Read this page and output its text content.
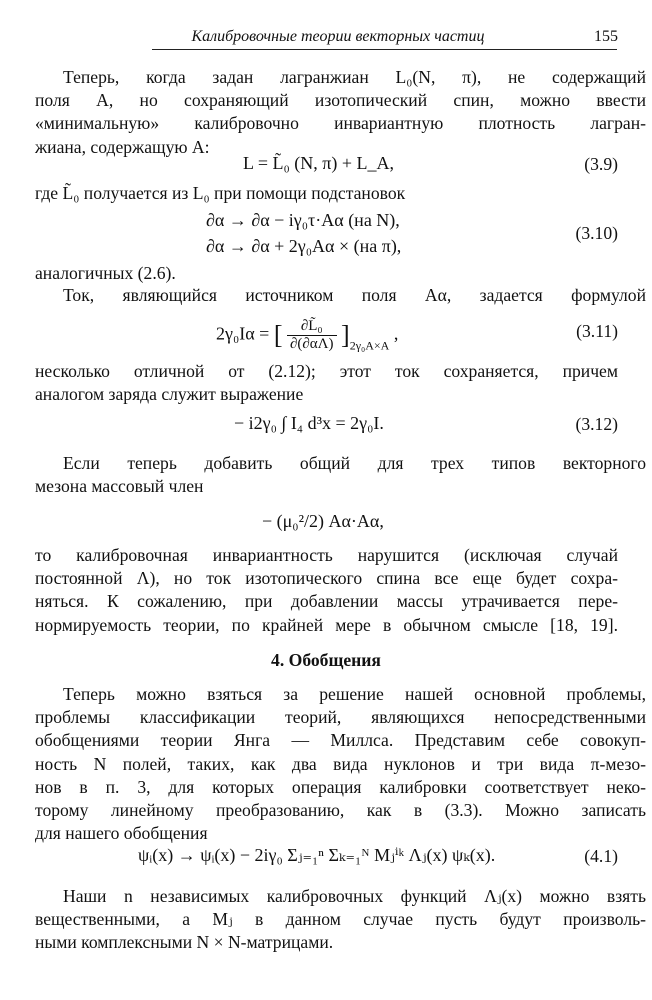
Калибровочные теории векторных частиц	155
Теперь, когда задан лагранжиан L₀(N, π), не содержащий
поля A, но сохраняющий изотопический спин, можно ввести
«минимальную» калибровочно инвариантную плотность лагран-
жиана, содержащую A:
L = L̃₀ (N, π) + L_A,	(3.9)
где L̃₀ получается из L₀ при помощи подстановок
∂α → ∂α − iγ₀τ·Aα (на N),
∂α → ∂α + 2γ₀Aα × (на π),
(3.10)
аналогичных (2.6).
Ток, являющийся источником поля Aα, задается формулой
2γ₀Iα = [ $\frac{\text{∂L̃₀}}{\partial(\partial\alpha\Lambda)} ]_{2\gamma_0A\times A}$ ,	(3.11)
несколько отличной от (2.12); этот ток сохраняется, причем
аналогом заряда служит выражение
− i2γ₀ ∫ I₄ d³x = 2γ₀I.	(3.12)
Если теперь добавить общий для трех типов векторного
мезона массовый член
− (μ₀²/2) Aα·Aα,
то калибровочная инвариантность нарушится (исключая случай
постоянной Λ), но ток изотопического спина все еще будет сохра-
няться. К сожалению, при добавлении массы утрачивается пере-
нормируемость теории, по крайней мере в обычном смысле [18, 19].
4. Обобщения
Теперь можно взяться за решение нашей основной проблемы,
проблемы классификации теорий, являющихся непосредственными
обобщениями теории Янга — Миллса. Представим себе совокуп-
ность N полей, таких, как два вида нуклонов и три вида π-мезо-
нов в п. 3, для которых операция калибровки соответствует неко-
торому линейному преобразованию, как в (3.3). Можно записать
для нашего обобщения
ψᵢ(x) → ψᵢ(x) − 2iγ₀ Σⱼ₌₁ⁿ Σₖ₌₁ᴺ Mⱼⁱᵏ Λⱼ(x) ψₖ(x).	(4.1)
Наши n независимых калибровочных функций Λⱼ(x) можно взять
вещественными, а Mⱼ в данном случае пусть будут произволь-
ными комплексными N × N-матрицами.
